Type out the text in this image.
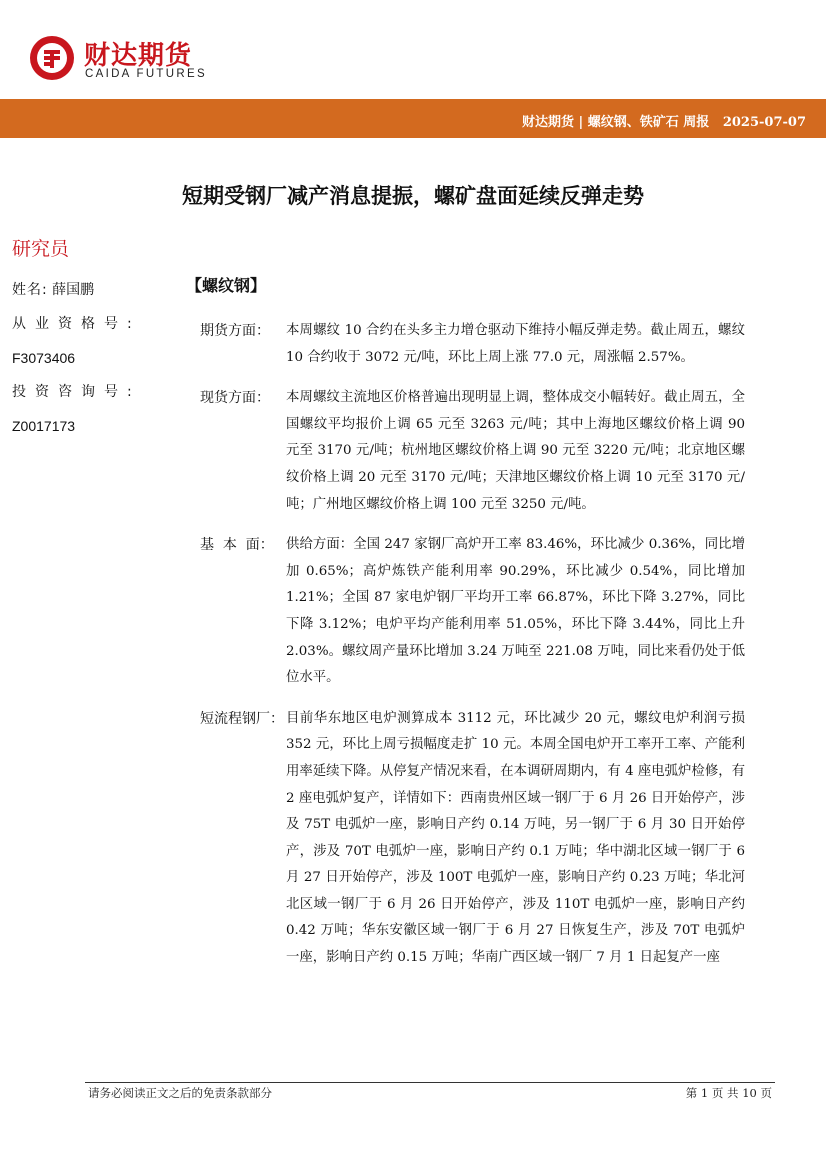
财达期货
CAIDA FUTURES
财达期货 | 螺纹钢、铁矿石 周报   2025-07-07
短期受钢厂减产消息提振，螺矿盘面延续反弹走势
研究员
姓名: 薛国鹏
从业资格号:
F3073406
投资咨询号:
Z0017173
【螺纹钢】
期货方面： 本周螺纹 10 合约在头多主力增仓驱动下维持小幅反弹走势。截止周五，螺纹 10 合约收于 3072 元/吨，环比上周上涨 77.0 元，周涨幅 2.57%。
现货方面： 本周螺纹主流地区价格普遍出现明显上调，整体成交小幅转好。截止周五，全国螺纹平均报价上调 65 元至 3263 元/吨；其中上海地区螺纹价格上调 90 元至 3170 元/吨；杭州地区螺纹价格上调 90 元至 3220 元/吨；北京地区螺纹价格上调 20 元至 3170 元/吨；天津地区螺纹价格上调 10 元至 3170 元/吨；广州地区螺纹价格上调 100 元至 3250 元/吨。
基  本  面： 供给方面：全国 247 家钢厂高炉开工率 83.46%，环比减少 0.36%，同比增加 0.65%；高炉炼铁产能利用率 90.29%，环比减少 0.54%，同比增加 1.21%；全国 87 家电炉钢厂平均开工率 66.87%，环比下降 3.27%，同比下降 3.12%；电炉平均产能利用率 51.05%，环比下降 3.44%，同比上升 2.03%。螺纹周产量环比增加 3.24 万吨至 221.08 万吨，同比来看仍处于低位水平。
短流程钢厂： 目前华东地区电炉测算成本 3112 元，环比减少 20 元，螺纹电炉利润亏损 352 元，环比上周亏损幅度走扩 10 元。本周全国电炉开工率开工率、产能利用率延续下降。从停复产情况来看，在本调研周期内，有 4 座电弧炉检修，有 2 座电弧炉复产，详情如下：西南贵州区域一钢厂于 6 月 26 日开始停产，涉及 75T 电弧炉一座，影响日产约 0.14 万吨，另一钢厂于 6 月 30 日开始停产，涉及 70T 电弧炉一座，影响日产约 0.1 万吨；华中湖北区域一钢厂于 6 月 27 日开始停产，涉及 100T 电弧炉一座，影响日产约 0.23 万吨；华北河北区域一钢厂于 6 月 26 日开始停产，涉及 110T 电弧炉一座，影响日产约 0.42 万吨；华东安徽区域一钢厂于 6 月 27 日恢复生产，涉及 70T 电弧炉一座，影响日产约 0.15 万吨；华南广西区域一钢厂 7 月 1 日起复产一座
请务必阅读正文之后的免责条款部分	第 1 页 共 10 页
